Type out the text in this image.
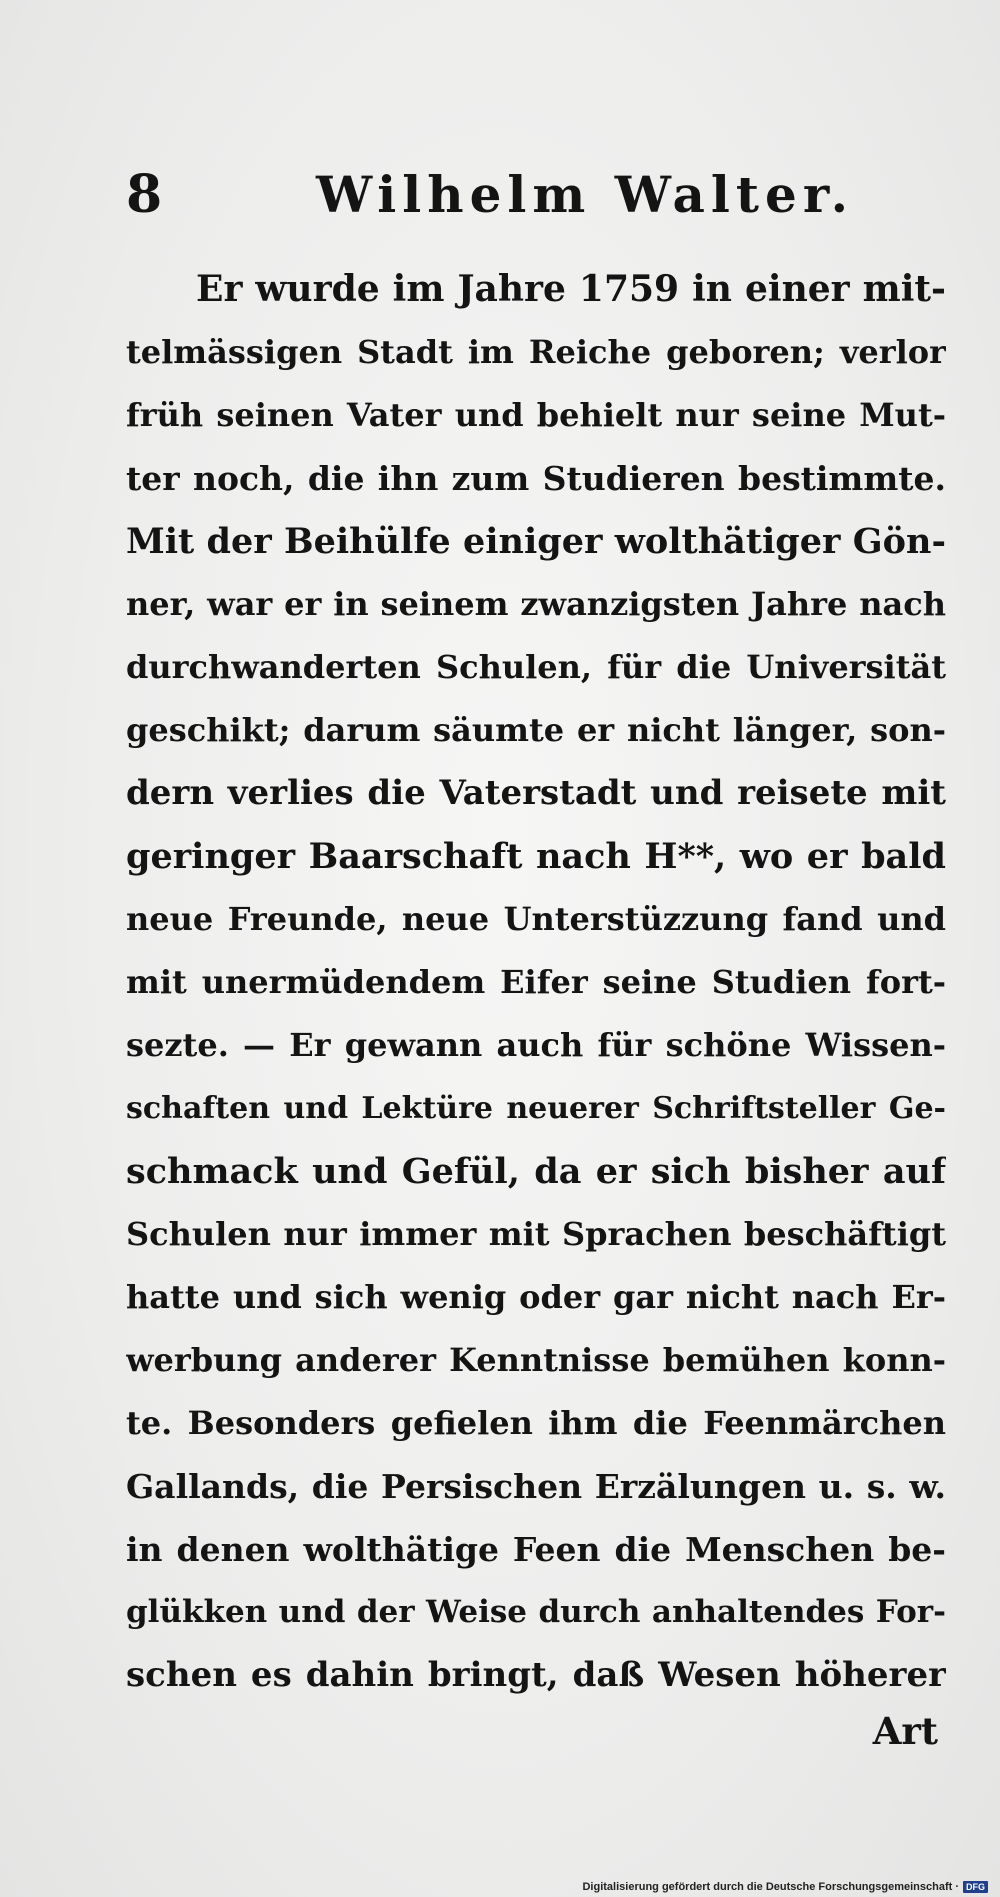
8	Wilhelm Walter.
Er wurde im Jahre 1759 in einer mit-
telmässigen Stadt im Reiche geboren; verlor
früh seinen Vater und behielt nur seine Mut-
ter noch, die ihn zum Studieren bestimmte.
Mit der Beihülfe einiger wolthätiger Gön-
ner, war er in seinem zwanzigsten Jahre nach
durchwanderten Schulen, für die Universität
geschikt; darum säumte er nicht länger, son-
dern verlies die Vaterstadt und reisete mit
geringer Baarschaft nach H**, wo er bald
neue Freunde, neue Unterstüzzung fand und
mit unermüdendem Eifer seine Studien fort-
sezte. — Er gewann auch für schöne Wissen-
schaften und Lektüre neuerer Schriftsteller Ge-
schmack und Gefül, da er sich bisher auf
Schulen nur immer mit Sprachen beschäftigt
hatte und sich wenig oder gar nicht nach Er-
werbung anderer Kenntnisse bemühen konn-
te. Besonders gefielen ihm die Feenmärchen
Gallands, die Persischen Erzälungen u. s. w.
in denen wolthätige Feen die Menschen be-
glükken und der Weise durch anhaltendes For-
schen es dahin bringt, daß Wesen höherer
Art
Digitalisierung gefördert durch die Deutsche Forschungsgemeinschaft · DFG
